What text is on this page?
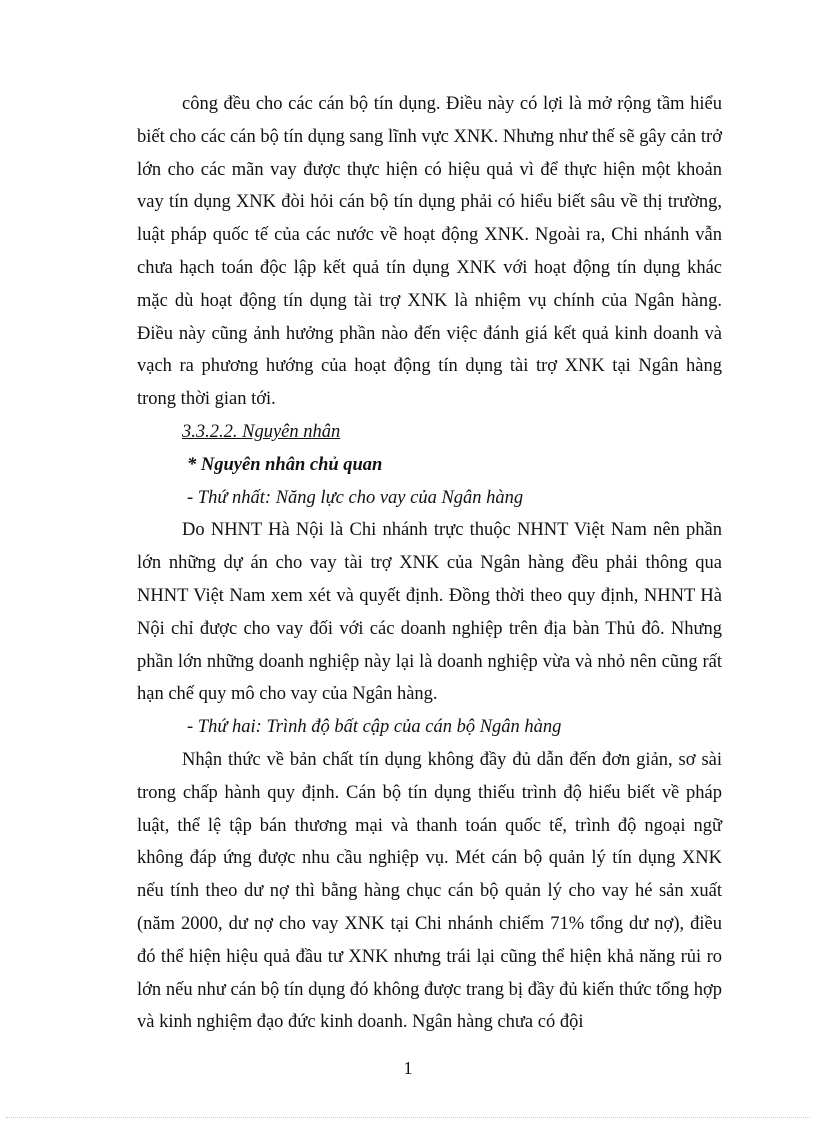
công đều cho các cán bộ tín dụng. Điều này có lợi là mở rộng tầm hiểu biết cho các cán bộ tín dụng sang lĩnh vực XNK. Nhưng như thế sẽ gây cản trở lớn cho các mãn vay được thực hiện có hiệu quả vì để thực hiện một khoản vay tín dụng XNK đòi hỏi cán bộ tín dụng phải có hiểu biết sâu về thị trường, luật pháp quốc tế của các nước về hoạt động XNK. Ngoài ra, Chi nhánh vẫn chưa hạch toán độc lập kết quả tín dụng XNK với hoạt động tín dụng khác mặc dù hoạt động tín dụng tài trợ XNK là nhiệm vụ chính của Ngân hàng. Điều này cũng ảnh hưởng phần nào đến việc đánh giá kết quả kinh doanh và vạch ra phương hướng của hoạt động tín dụng tài trợ XNK tại Ngân hàng trong thời gian tới.

3.3.2.2. Nguyên nhân

* Nguyên nhân chủ quan

- Thứ nhất: Năng lực cho vay của Ngân hàng

Do NHNT Hà Nội là Chi nhánh trực thuộc NHNT Việt Nam nên phần lớn những dự án cho vay tài trợ XNK của Ngân hàng đều phải thông qua NHNT Việt Nam xem xét và quyết định. Đồng thời theo quy định, NHNT Hà Nội chỉ được cho vay đối với các doanh nghiệp trên địa bàn Thủ đô. Nhưng phần lớn những doanh nghiệp này lại là doanh nghiệp vừa và nhỏ nên cũng rất hạn chế quy mô cho vay của Ngân hàng.

- Thứ hai: Trình độ bất cập của cán bộ Ngân hàng

Nhận thức về bản chất tín dụng không đầy đủ dẫn đến đơn giản, sơ sài trong chấp hành quy định. Cán bộ tín dụng thiếu trình độ hiểu biết về pháp luật, thể lệ tập bán thương mại và thanh toán quốc tế, trình độ ngoại ngữ không đáp ứng được nhu cầu nghiệp vụ. Mét cán bộ quản lý tín dụng XNK nếu tính theo dư nợ thì bằng hàng chục cán bộ quản lý cho vay hé sản xuất (năm 2000, dư nợ cho vay XNK tại Chi nhánh chiếm 71% tổng dư nợ), điều đó thể hiện hiệu quả đầu tư XNK nhưng trái lại cũng thể hiện khả năng rủi ro lớn nếu như cán bộ tín dụng đó không được trang bị đầy đủ kiến thức tổng hợp và kinh nghiệm đạo đức kinh doanh. Ngân hàng chưa có đội

1
